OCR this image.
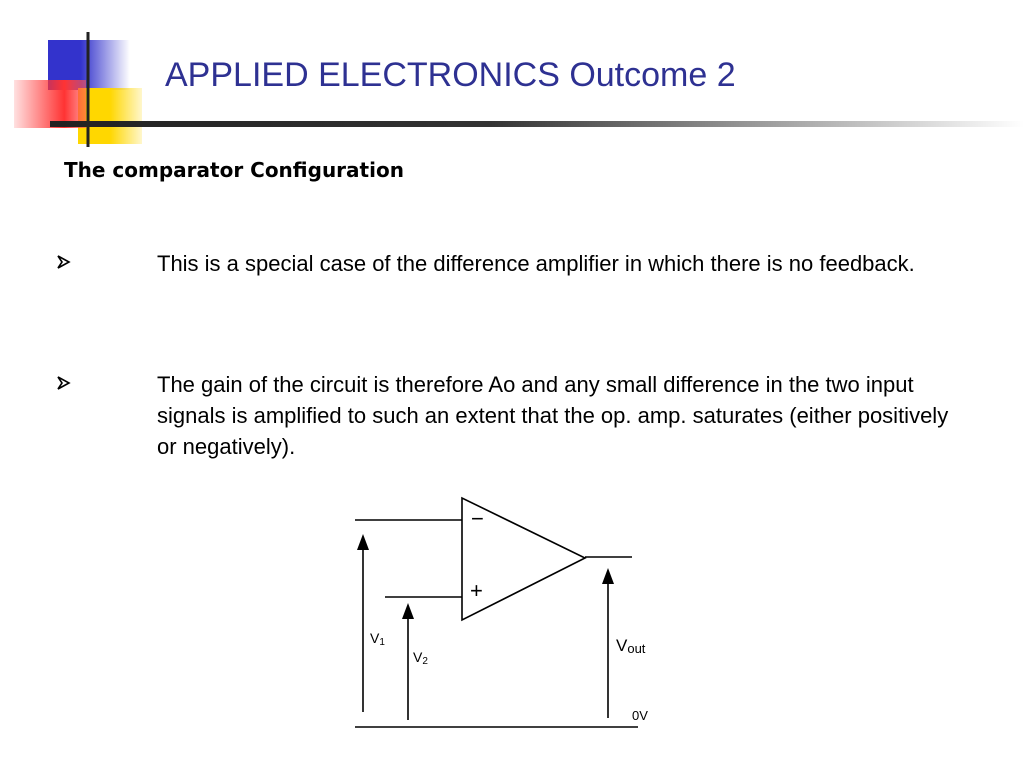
APPLIED ELECTRONICS Outcome 2
The comparator Configuration
This is a special case of the difference amplifier in which there is no feedback.
The gain of the circuit is therefore Ao and any small difference in the two input signals is amplified to such an extent that the op. amp. saturates (either positively or negatively).
−
+
V1
V2
Vout
0V
